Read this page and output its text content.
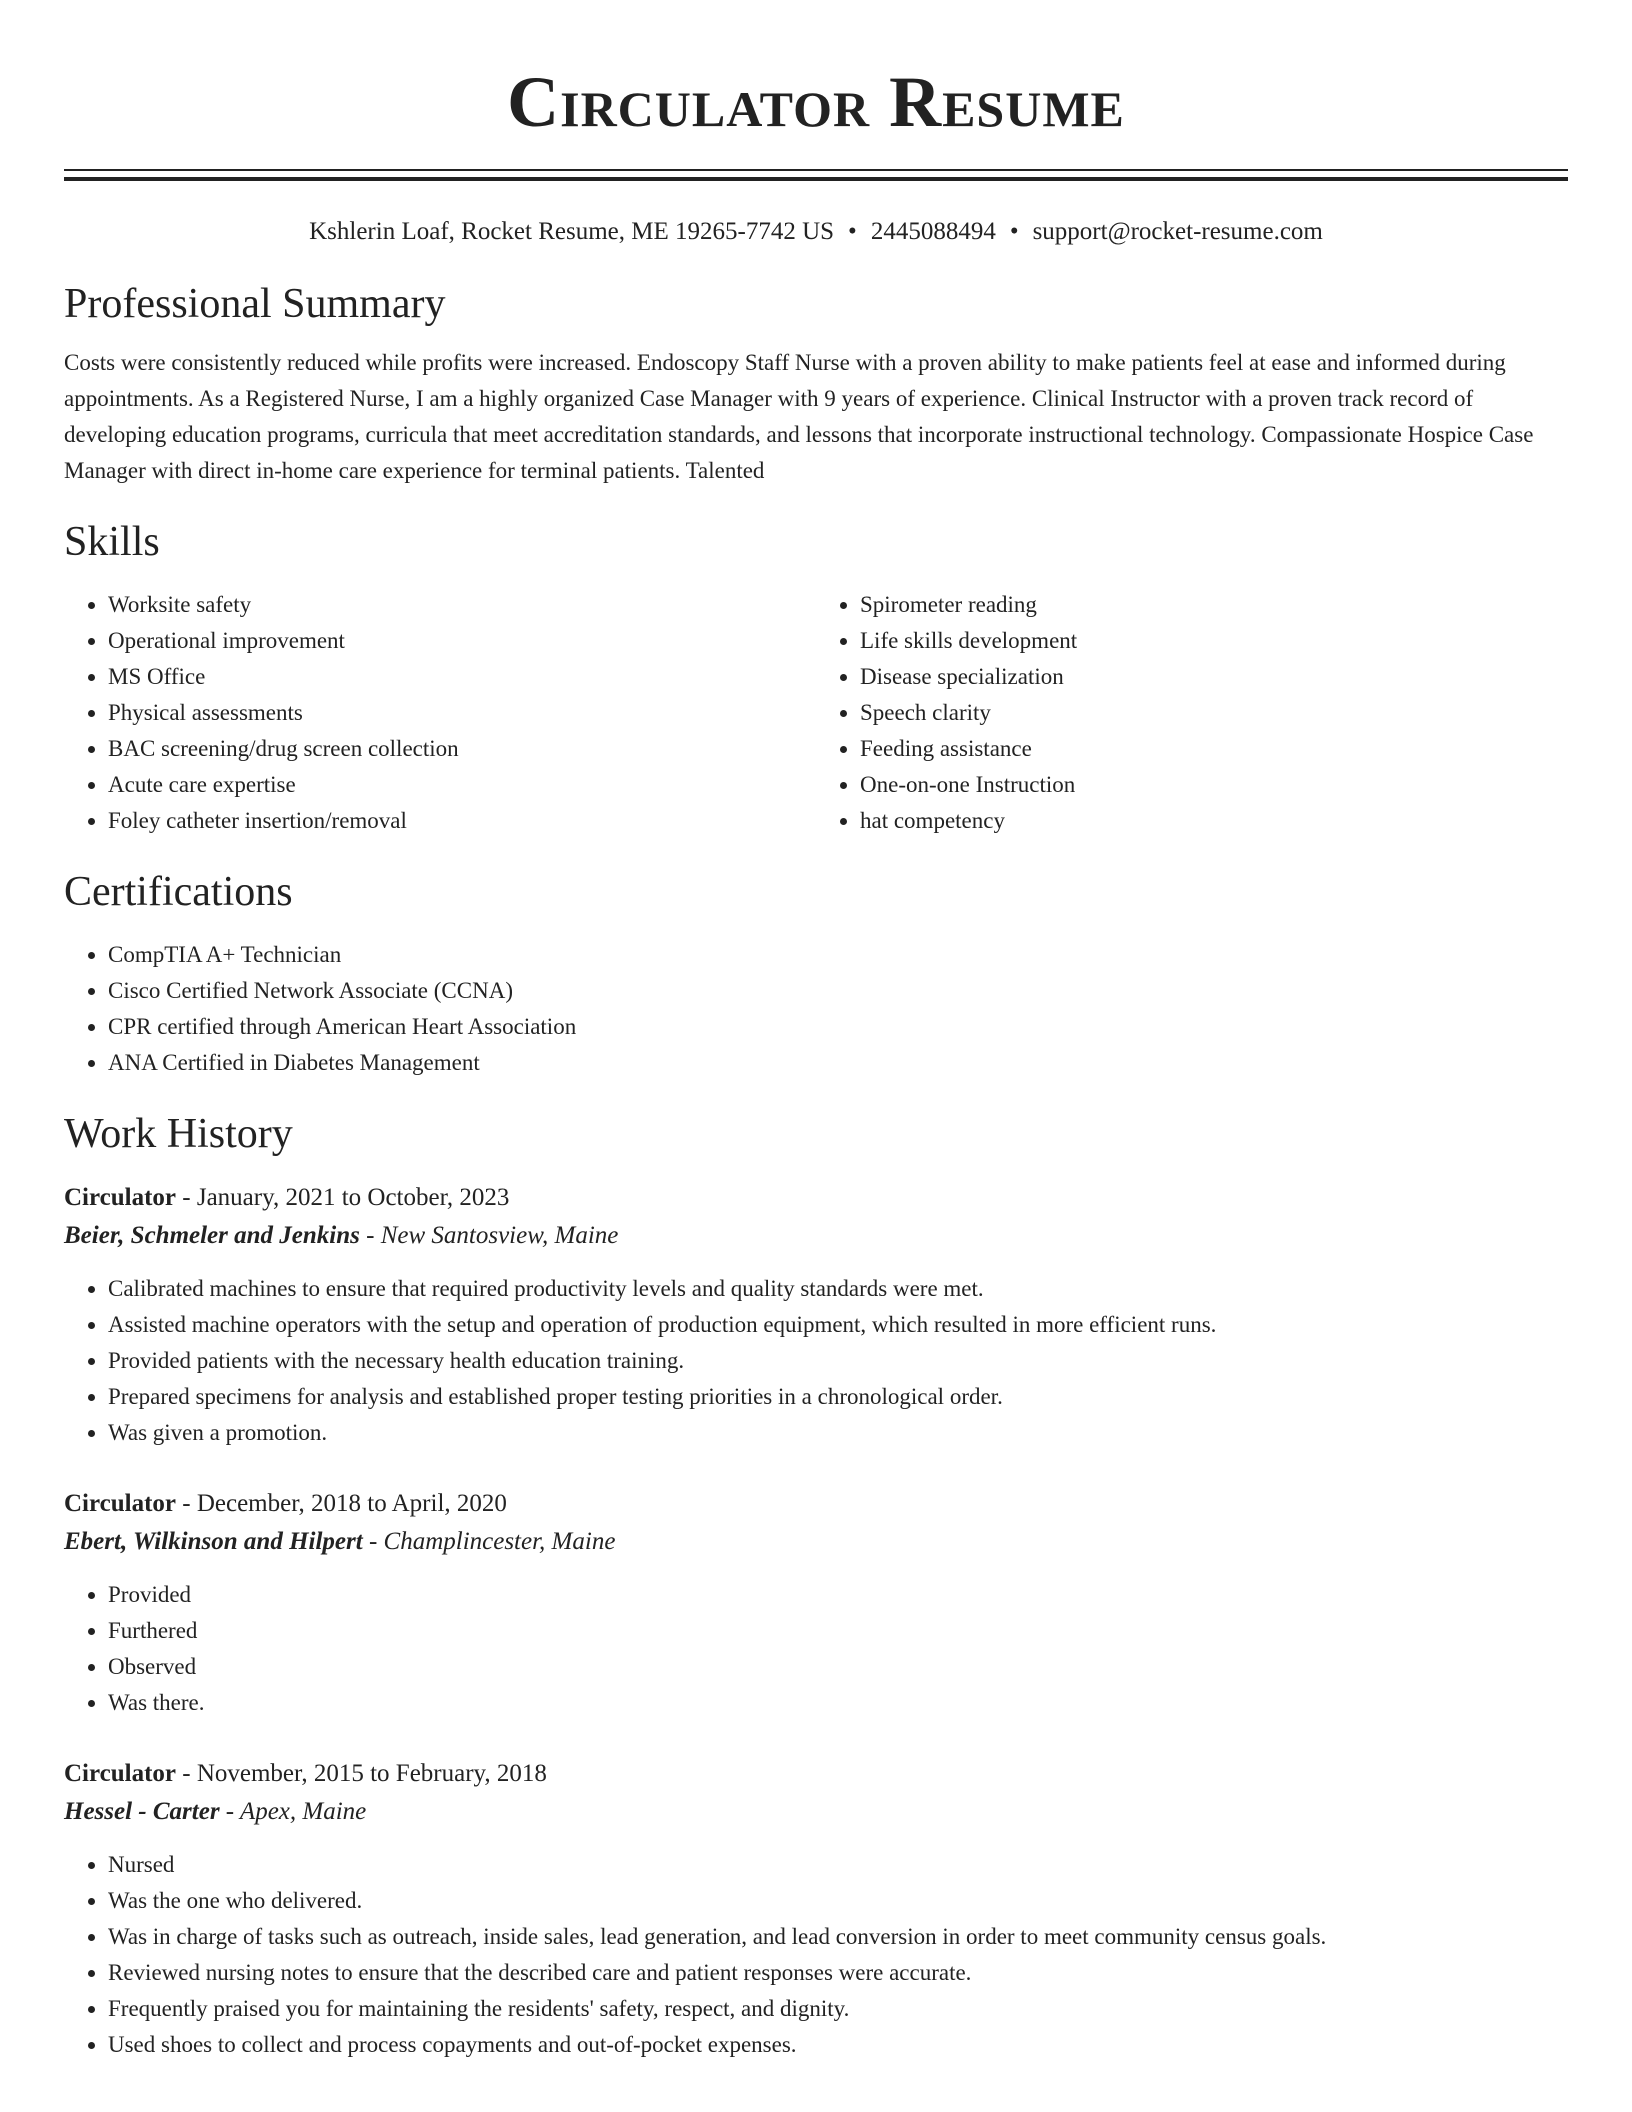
Circulator Resume
Kshlerin Loaf, Rocket Resume, ME 19265-7742 US • 2445088494 • support@rocket-resume.com
Professional Summary

Costs were consistently reduced while profits were increased. Endoscopy Staff Nurse with a proven ability to make patients feel at ease and informed during appointments. As a Registered Nurse, I am a highly organized Case Manager with 9 years of experience. Clinical Instructor with a proven track record of developing education programs, curricula that meet accreditation standards, and lessons that incorporate instructional technology. Compassionate Hospice Case Manager with direct in-home care experience for terminal patients. Talented

Skills
• Worksite safety
• Operational improvement
• MS Office
• Physical assessments
• BAC screening/drug screen collection
• Acute care expertise
• Foley catheter insertion/removal
• Spirometer reading
• Life skills development
• Disease specialization
• Speech clarity
• Feeding assistance
• One-on-one Instruction
• hat competency
Certifications
• CompTIA A+ Technician
• Cisco Certified Network Associate (CCNA)
• CPR certified through American Heart Association
• ANA Certified in Diabetes Management
Work History
Circulator - January, 2021 to October, 2023
Beier, Schmeler and Jenkins - New Santosview, Maine
• Calibrated machines to ensure that required productivity levels and quality standards were met.
• Assisted machine operators with the setup and operation of production equipment, which resulted in more efficient runs.
• Provided patients with the necessary health education training.
• Prepared specimens for analysis and established proper testing priorities in a chronological order.
• Was given a promotion.
Circulator - December, 2018 to April, 2020
Ebert, Wilkinson and Hilpert - Champlincester, Maine
• Provided
• Furthered
• Observed
• Was there.
Circulator - November, 2015 to February, 2018
Hessel - Carter - Apex, Maine
• Nursed
• Was the one who delivered.
• Was in charge of tasks such as outreach, inside sales, lead generation, and lead conversion in order to meet community census goals.
• Reviewed nursing notes to ensure that the described care and patient responses were accurate.
• Frequently praised you for maintaining the residents' safety, respect, and dignity.
• Used shoes to collect and process copayments and out-of-pocket expenses.
